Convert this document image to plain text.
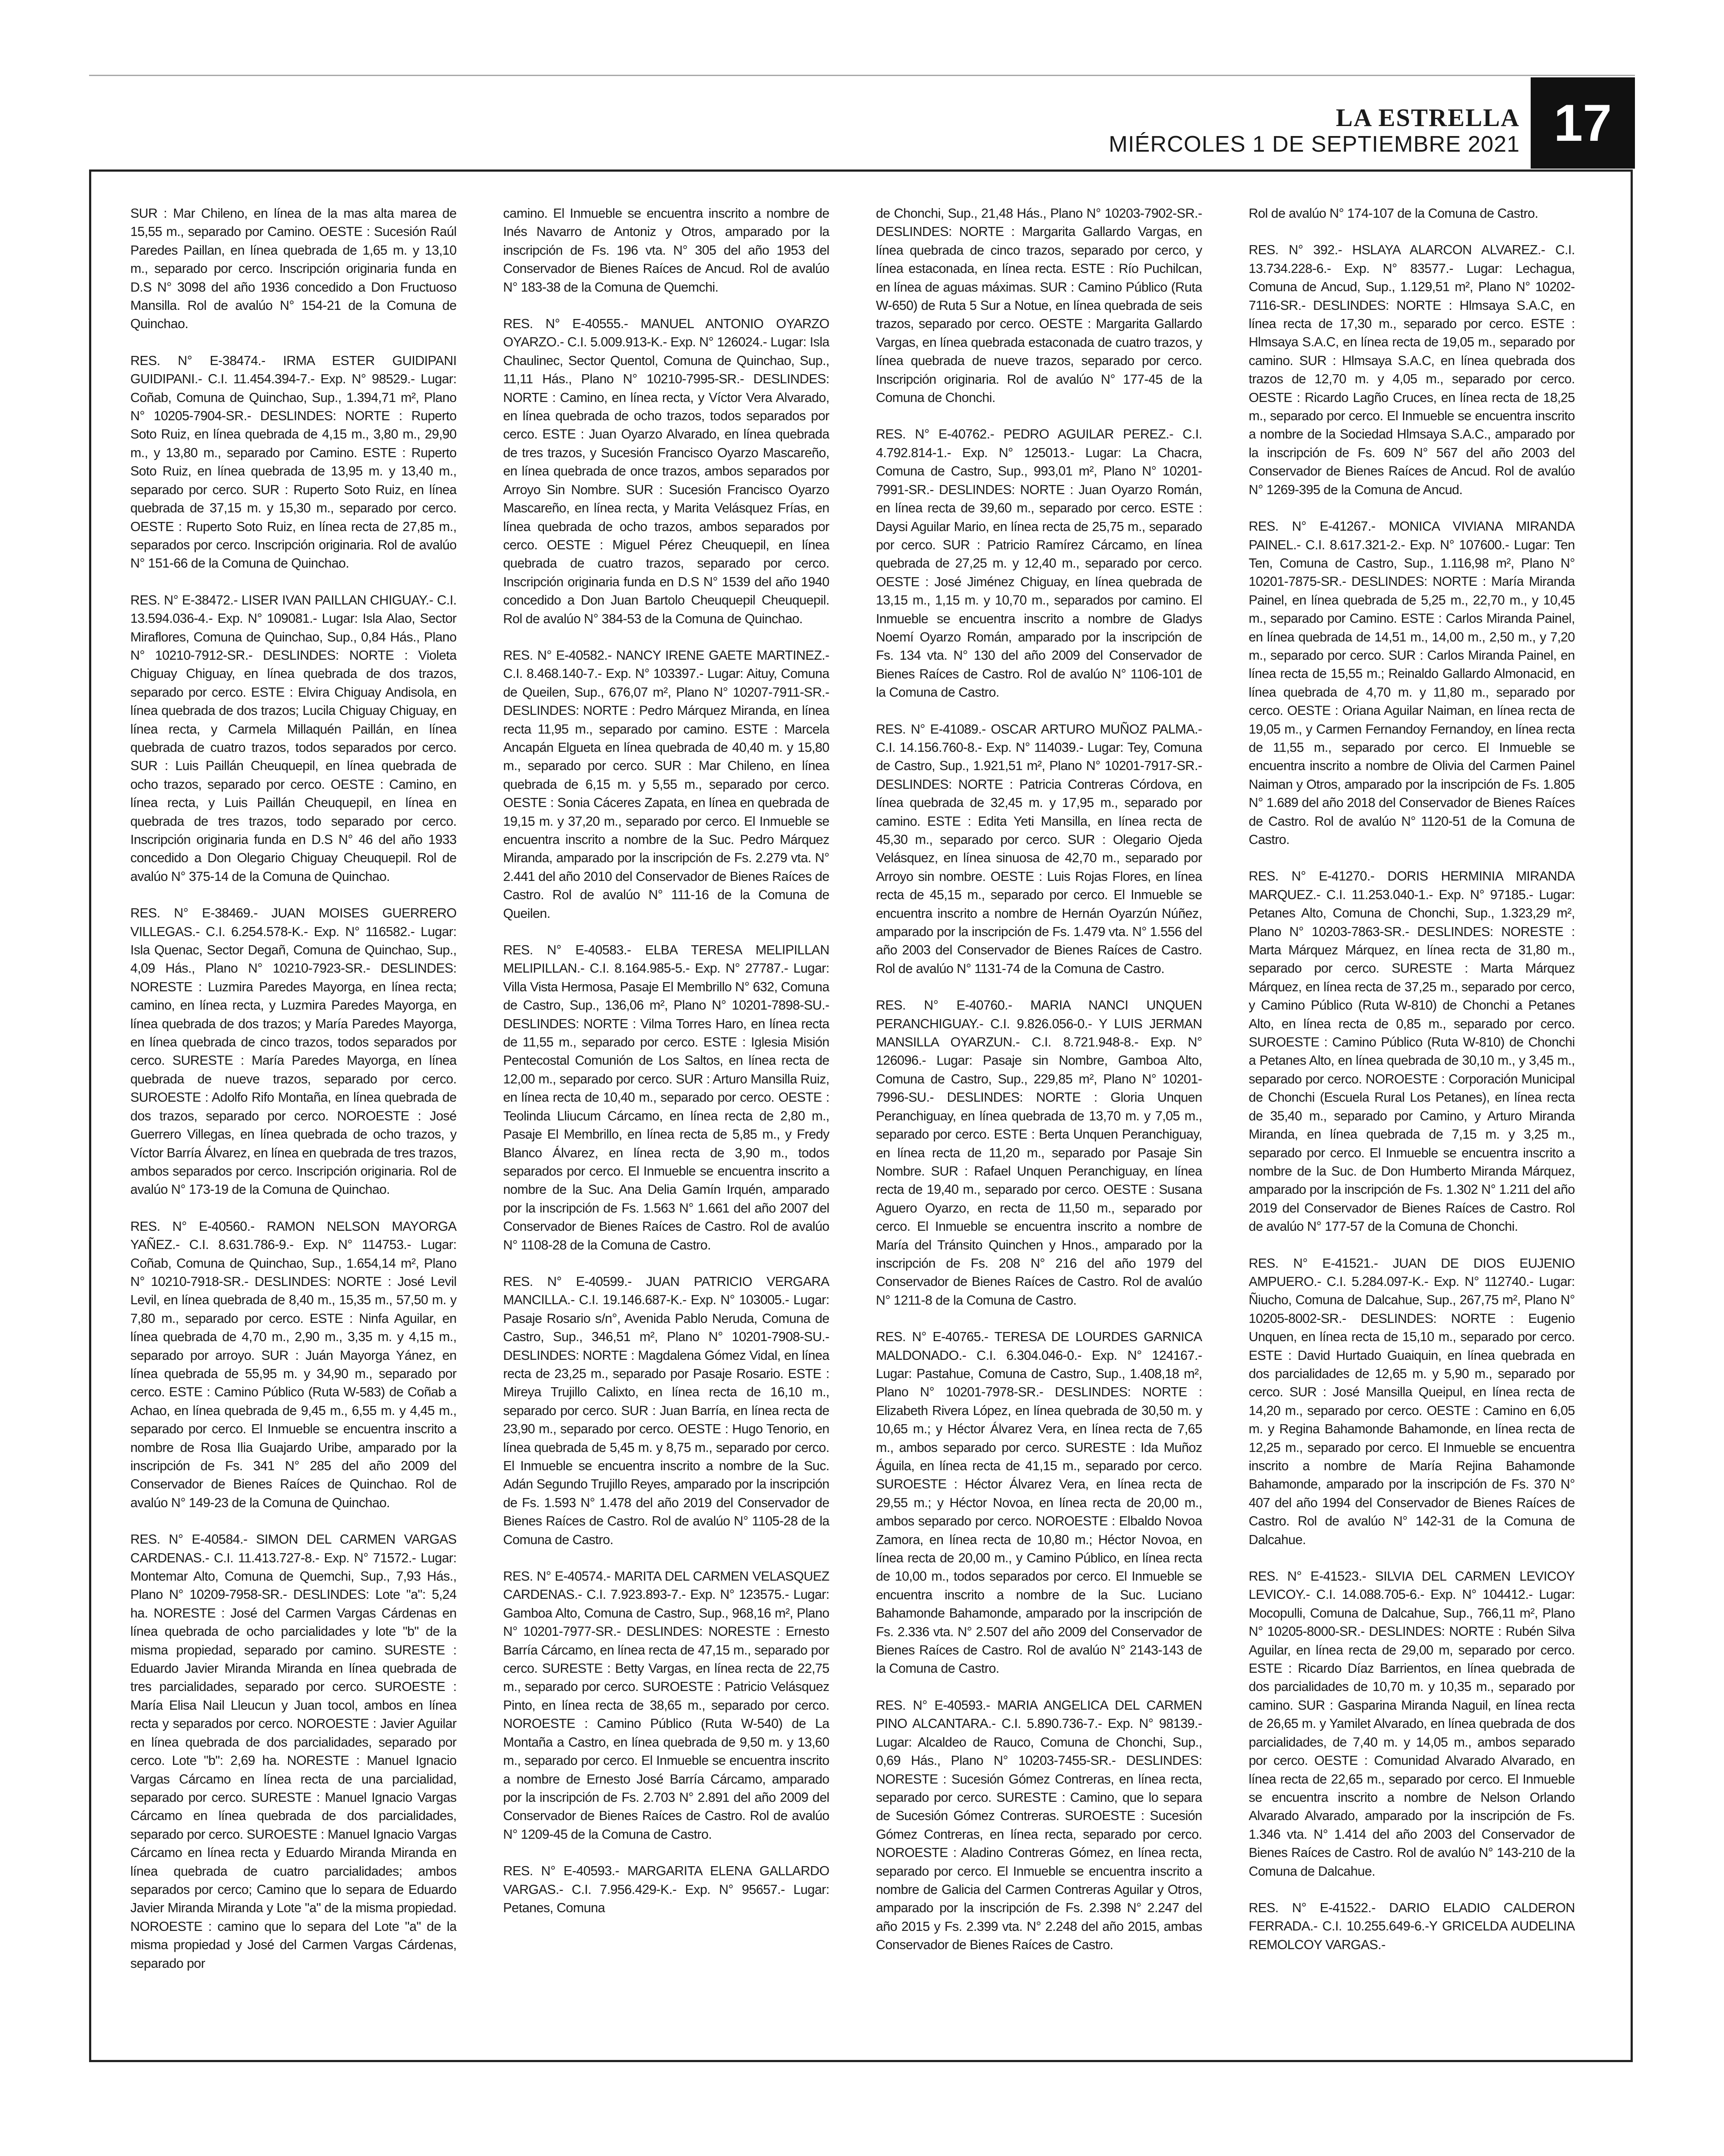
LA ESTRELLA
MIÉRCOLES 1 DE SEPTIEMBRE 2021 17

SUR : Mar Chileno, en línea de la mas alta marea de 15,55 m., separado por Camino. OESTE : Sucesión Raúl Paredes Paillan, en línea quebrada de 1,65 m. y 13,10 m., separado por cerco. Inscripción originaria funda en D.S N° 3098 del año 1936 concedido a Don Fructuoso Mansilla. Rol de avalúo N° 154-21 de la Comuna de Quinchao.

RES. N° E-38474.- IRMA ESTER GUIDIPANI GUIDIPANI.- C.I. 11.454.394-7.- Exp. N° 98529.- Lugar: Coñab, Comuna de Quinchao, Sup., 1.394,71 m², Plano N° 10205-7904-SR.- DESLINDES: NORTE : Ruperto Soto Ruiz, en línea quebrada de 4,15 m., 3,80 m., 29,90 m., y 13,80 m., separado por Camino. ESTE : Ruperto Soto Ruiz, en línea quebrada de 13,95 m. y 13,40 m., separado por cerco. SUR : Ruperto Soto Ruiz, en línea quebrada de 37,15 m. y 15,30 m., separado por cerco. OESTE : Ruperto Soto Ruiz, en línea recta de 27,85 m., separados por cerco. Inscripción originaria. Rol de avalúo N° 151-66 de la Comuna de Quinchao.

RES. N° E-38472.- LISER IVAN PAILLAN CHIGUAY.- C.I. 13.594.036-4.- Exp. N° 109081.- Lugar: Isla Alao, Sector Miraflores, Comuna de Quinchao, Sup., 0,84 Hás., Plano N° 10210-7912-SR.- DESLINDES: NORTE : Violeta Chiguay Chiguay, en línea quebrada de dos trazos, separado por cerco. ESTE : Elvira Chiguay Andisola, en línea quebrada de dos trazos; Lucila Chiguay Chiguay, en línea recta, y Carmela Millaquén Paillán, en línea quebrada de cuatro trazos, todos separados por cerco. SUR : Luis Paillán Cheuquepil, en línea quebrada de ocho trazos, separado por cerco. OESTE : Camino, en línea recta, y Luis Paillán Cheuquepil, en línea en quebrada de tres trazos, todo separado por cerco. Inscripción originaria funda en D.S N° 46 del año 1933 concedido a Don Olegario Chiguay Cheuquepil. Rol de avalúo N° 375-14 de la Comuna de Quinchao.

RES. N° E-38469.- JUAN MOISES GUERRERO VILLEGAS.- C.I. 6.254.578-K.- Exp. N° 116582.- Lugar: Isla Quenac, Sector Degañ, Comuna de Quinchao, Sup., 4,09 Hás., Plano N° 10210-7923-SR.- DESLINDES: NORESTE : Luzmira Paredes Mayorga, en línea recta; camino, en línea recta, y Luzmira Paredes Mayorga, en línea quebrada de dos trazos; y María Paredes Mayorga, en línea quebrada de cinco trazos, todos separados por cerco. SURESTE : María Paredes Mayorga, en línea quebrada de nueve trazos, separado por cerco. SUROESTE : Adolfo Rifo Montaña, en línea quebrada de dos trazos, separado por cerco. NOROESTE : José Guerrero Villegas, en línea quebrada de ocho trazos, y Víctor Barría Álvarez, en línea en quebrada de tres trazos, ambos separados por cerco. Inscripción originaria. Rol de avalúo N° 173-19 de la Comuna de Quinchao.

RES. N° E-40560.- RAMON NELSON MAYORGA YAÑEZ.- C.I. 8.631.786-9.- Exp. N° 114753.- Lugar: Coñab, Comuna de Quinchao, Sup., 1.654,14 m², Plano N° 10210-7918-SR.- DESLINDES: NORTE : José Levil Levil, en línea quebrada de 8,40 m., 15,35 m., 57,50 m. y 7,80 m., separado por cerco. ESTE : Ninfa Aguilar, en línea quebrada de 4,70 m., 2,90 m., 3,35 m. y 4,15 m., separado por arroyo. SUR : Juán Mayorga Yánez, en línea quebrada de 55,95 m. y 34,90 m., separado por cerco. ESTE : Camino Público (Ruta W-583) de Coñab a Achao, en línea quebrada de 9,45 m., 6,55 m. y 4,45 m., separado por cerco. El Inmueble se encuentra inscrito a nombre de Rosa Ilia Guajardo Uribe, amparado por la inscripción de Fs. 341 N° 285 del año 2009 del Conservador de Bienes Raíces de Quinchao. Rol de avalúo N° 149-23 de la Comuna de Quinchao.

RES. N° E-40584.- SIMON DEL CARMEN VARGAS CARDENAS.- C.I. 11.413.727-8.- Exp. N° 71572.- Lugar: Montemar Alto, Comuna de Quemchi, Sup., 7,93 Hás., Plano N° 10209-7958-SR.- DESLINDES: Lote "a": 5,24 ha. NORESTE : José del Carmen Vargas Cárdenas en línea quebrada de ocho parcialidades y lote "b" de la misma propiedad, separado por camino. SURESTE : Eduardo Javier Miranda Miranda en línea quebrada de tres parcialidades, separado por cerco. SUROESTE : María Elisa Nail Lleucun y Juan tocol, ambos en línea recta y separados por cerco. NOROESTE : Javier Aguilar en línea quebrada de dos parcialidades, separado por cerco. Lote "b": 2,69 ha. NORESTE : Manuel Ignacio Vargas Cárcamo en línea recta de una parcialidad, separado por cerco. SURESTE : Manuel Ignacio Vargas Cárcamo en línea quebrada de dos parcialidades, separado por cerco. SUROESTE : Manuel Ignacio Vargas Cárcamo en línea recta y Eduardo Miranda Miranda en línea quebrada de cuatro parcialidades; ambos separados por cerco; Camino que lo separa de Eduardo Javier Miranda Miranda y Lote "a" de la misma propiedad. NOROESTE : camino que lo separa del Lote "a" de la misma propiedad y José del Carmen Vargas Cárdenas, separado por

camino. El Inmueble se encuentra inscrito a nombre de Inés Navarro de Antoniz y Otros, amparado por la inscripción de Fs. 196 vta. N° 305 del año 1953 del Conservador de Bienes Raíces de Ancud. Rol de avalúo N° 183-38 de la Comuna de Quemchi.

RES. N° E-40555.- MANUEL ANTONIO OYARZO OYARZO.- C.I. 5.009.913-K.- Exp. N° 126024.- Lugar: Isla Chaulinec, Sector Quentol, Comuna de Quinchao, Sup., 11,11 Hás., Plano N° 10210-7995-SR.- DESLINDES: NORTE : Camino, en línea recta, y Víctor Vera Alvarado, en línea quebrada de ocho trazos, todos separados por cerco. ESTE : Juan Oyarzo Alvarado, en línea quebrada de tres trazos, y Sucesión Francisco Oyarzo Mascareño, en línea quebrada de once trazos, ambos separados por Arroyo Sin Nombre. SUR : Sucesión Francisco Oyarzo Mascareño, en línea recta, y Marita Velásquez Frías, en línea quebrada de ocho trazos, ambos separados por cerco. OESTE : Miguel Pérez Cheuquepil, en línea quebrada de cuatro trazos, separado por cerco. Inscripción originaria funda en D.S N° 1539 del año 1940 concedido a Don Juan Bartolo Cheuquepil Cheuquepil. Rol de avalúo N° 384-53 de la Comuna de Quinchao.

RES. N° E-40582.- NANCY IRENE GAETE MARTINEZ.- C.I. 8.468.140-7.- Exp. N° 103397.- Lugar: Aituy, Comuna de Queilen, Sup., 676,07 m², Plano N° 10207-7911-SR.- DESLINDES: NORTE : Pedro Márquez Miranda, en línea recta 11,95 m., separado por camino. ESTE : Marcela Ancapán Elgueta en línea quebrada de 40,40 m. y 15,80 m., separado por cerco. SUR : Mar Chileno, en línea quebrada de 6,15 m. y 5,55 m., separado por cerco. OESTE : Sonia Cáceres Zapata, en línea en quebrada de 19,15 m. y 37,20 m., separado por cerco. El Inmueble se encuentra inscrito a nombre de la Suc. Pedro Márquez Miranda, amparado por la inscripción de Fs. 2.279 vta. N° 2.441 del año 2010 del Conservador de Bienes Raíces de Castro. Rol de avalúo N° 111-16 de la Comuna de Queilen.

RES. N° E-40583.- ELBA TERESA MELIPILLAN MELIPILLAN.- C.I. 8.164.985-5.- Exp. N° 27787.- Lugar: Villa Vista Hermosa, Pasaje El Membrillo N° 632, Comuna de Castro, Sup., 136,06 m², Plano N° 10201-7898-SU.- DESLINDES: NORTE : Vilma Torres Haro, en línea recta de 11,55 m., separado por cerco. ESTE : Iglesia Misión Pentecostal Comunión de Los Saltos, en línea recta de 12,00 m., separado por cerco. SUR : Arturo Mansilla Ruiz, en línea recta de 10,40 m., separado por cerco. OESTE : Teolinda Lliucum Cárcamo, en línea recta de 2,80 m., Pasaje El Membrillo, en línea recta de 5,85 m., y Fredy Blanco Álvarez, en línea recta de 3,90 m., todos separados por cerco. El Inmueble se encuentra inscrito a nombre de la Suc. Ana Delia Gamín Irquén, amparado por la inscripción de Fs. 1.563 N° 1.661 del año 2007 del Conservador de Bienes Raíces de Castro. Rol de avalúo N° 1108-28 de la Comuna de Castro.

RES. N° E-40599.- JUAN PATRICIO VERGARA MANCILLA.- C.I. 19.146.687-K.- Exp. N° 103005.- Lugar: Pasaje Rosario s/n°, Avenida Pablo Neruda, Comuna de Castro, Sup., 346,51 m², Plano N° 10201-7908-SU.- DESLINDES: NORTE : Magdalena Gómez Vidal, en línea recta de 23,25 m., separado por Pasaje Rosario. ESTE : Mireya Trujillo Calixto, en línea recta de 16,10 m., separado por cerco. SUR : Juan Barría, en línea recta de 23,90 m., separado por cerco. OESTE : Hugo Tenorio, en línea quebrada de 5,45 m. y 8,75 m., separado por cerco. El Inmueble se encuentra inscrito a nombre de la Suc. Adán Segundo Trujillo Reyes, amparado por la inscripción de Fs. 1.593 N° 1.478 del año 2019 del Conservador de Bienes Raíces de Castro. Rol de avalúo N° 1105-28 de la Comuna de Castro.

RES. N° E-40574.- MARITA DEL CARMEN VELASQUEZ CARDENAS.- C.I. 7.923.893-7.- Exp. N° 123575.- Lugar: Gamboa Alto, Comuna de Castro, Sup., 968,16 m², Plano N° 10201-7977-SR.- DESLINDES: NORESTE : Ernesto Barría Cárcamo, en línea recta de 47,15 m., separado por cerco. SURESTE : Betty Vargas, en línea recta de 22,75 m., separado por cerco. SUROESTE : Patricio Velásquez Pinto, en línea recta de 38,65 m., separado por cerco. NOROESTE : Camino Público (Ruta W-540) de La Montaña a Castro, en línea quebrada de 9,50 m. y 13,60 m., separado por cerco. El Inmueble se encuentra inscrito a nombre de Ernesto José Barría Cárcamo, amparado por la inscripción de Fs. 2.703 N° 2.891 del año 2009 del Conservador de Bienes Raíces de Castro. Rol de avalúo N° 1209-45 de la Comuna de Castro.

RES. N° E-40593.- MARGARITA ELENA GALLARDO VARGAS.- C.I. 7.956.429-K.- Exp. N° 95657.- Lugar: Petanes, Comuna

de Chonchi, Sup., 21,48 Hás., Plano N° 10203-7902-SR.- DESLINDES: NORTE : Margarita Gallardo Vargas, en línea quebrada de cinco trazos, separado por cerco, y línea estaconada, en línea recta. ESTE : Río Puchilcan, en línea de aguas máximas. SUR : Camino Público (Ruta W-650) de Ruta 5 Sur a Notue, en línea quebrada de seis trazos, separado por cerco. OESTE : Margarita Gallardo Vargas, en línea quebrada estaconada de cuatro trazos, y línea quebrada de nueve trazos, separado por cerco. Inscripción originaria. Rol de avalúo N° 177-45 de la Comuna de Chonchi.

RES. N° E-40762.- PEDRO AGUILAR PEREZ.- C.I. 4.792.814-1.- Exp. N° 125013.- Lugar: La Chacra, Comuna de Castro, Sup., 993,01 m², Plano N° 10201-7991-SR.- DESLINDES: NORTE : Juan Oyarzo Román, en línea recta de 39,60 m., separado por cerco. ESTE : Daysi Aguilar Mario, en línea recta de 25,75 m., separado por cerco. SUR : Patricio Ramírez Cárcamo, en línea quebrada de 27,25 m. y 12,40 m., separado por cerco. OESTE : José Jiménez Chiguay, en línea quebrada de 13,15 m., 1,15 m. y 10,70 m., separados por camino. El Inmueble se encuentra inscrito a nombre de Gladys Noemí Oyarzo Román, amparado por la inscripción de Fs. 134 vta. N° 130 del año 2009 del Conservador de Bienes Raíces de Castro. Rol de avalúo N° 1106-101 de la Comuna de Castro.

RES. N° E-41089.- OSCAR ARTURO MUÑOZ PALMA.- C.I. 14.156.760-8.- Exp. N° 114039.- Lugar: Tey, Comuna de Castro, Sup., 1.921,51 m², Plano N° 10201-7917-SR.- DESLINDES: NORTE : Patricia Contreras Córdova, en línea quebrada de 32,45 m. y 17,95 m., separado por camino. ESTE : Edita Yeti Mansilla, en línea recta de 45,30 m., separado por cerco. SUR : Olegario Ojeda Velásquez, en línea sinuosa de 42,70 m., separado por Arroyo sin nombre. OESTE : Luis Rojas Flores, en línea recta de 45,15 m., separado por cerco. El Inmueble se encuentra inscrito a nombre de Hernán Oyarzún Núñez, amparado por la inscripción de Fs. 1.479 vta. N° 1.556 del año 2003 del Conservador de Bienes Raíces de Castro. Rol de avalúo N° 1131-74 de la Comuna de Castro.

RES. N° E-40760.- MARIA NANCI UNQUEN PERANCHIGUAY.- C.I. 9.826.056-0.- Y LUIS JERMAN MANSILLA OYARZUN.- C.I. 8.721.948-8.- Exp. N° 126096.- Lugar: Pasaje sin Nombre, Gamboa Alto, Comuna de Castro, Sup., 229,85 m², Plano N° 10201-7996-SU.- DESLINDES: NORTE : Gloria Unquen Peranchiguay, en línea quebrada de 13,70 m. y 7,05 m., separado por cerco. ESTE : Berta Unquen Peranchiguay, en línea recta de 11,20 m., separado por Pasaje Sin Nombre. SUR : Rafael Unquen Peranchiguay, en línea recta de 19,40 m., separado por cerco. OESTE : Susana Aguero Oyarzo, en recta de 11,50 m., separado por cerco. El Inmueble se encuentra inscrito a nombre de María del Tránsito Quinchen y Hnos., amparado por la inscripción de Fs. 208 N° 216 del año 1979 del Conservador de Bienes Raíces de Castro. Rol de avalúo N° 1211-8 de la Comuna de Castro.

RES. N° E-40765.- TERESA DE LOURDES GARNICA MALDONADO.- C.I. 6.304.046-0.- Exp. N° 124167.- Lugar: Pastahue, Comuna de Castro, Sup., 1.408,18 m², Plano N° 10201-7978-SR.- DESLINDES: NORTE : Elizabeth Rivera López, en línea quebrada de 30,50 m. y 10,65 m.; y Héctor Álvarez Vera, en línea recta de 7,65 m., ambos separado por cerco. SURESTE : Ida Muñoz Águila, en línea recta de 41,15 m., separado por cerco. SUROESTE : Héctor Álvarez Vera, en línea recta de 29,55 m.; y Héctor Novoa, en línea recta de 20,00 m., ambos separado por cerco. NOROESTE : Elbaldo Novoa Zamora, en línea recta de 10,80 m.; Héctor Novoa, en línea recta de 20,00 m., y Camino Público, en línea recta de 10,00 m., todos separados por cerco. El Inmueble se encuentra inscrito a nombre de la Suc. Luciano Bahamonde Bahamonde, amparado por la inscripción de Fs. 2.336 vta. N° 2.507 del año 2009 del Conservador de Bienes Raíces de Castro. Rol de avalúo N° 2143-143 de la Comuna de Castro.

RES. N° E-40593.- MARIA ANGELICA DEL CARMEN PINO ALCANTARA.- C.I. 5.890.736-7.- Exp. N° 98139.- Lugar: Alcaldeo de Rauco, Comuna de Chonchi, Sup., 0,69 Hás., Plano N° 10203-7455-SR.- DESLINDES: NORESTE : Sucesión Gómez Contreras, en línea recta, separado por cerco. SURESTE : Camino, que lo separa de Sucesión Gómez Contreras. SUROESTE : Sucesión Gómez Contreras, en línea recta, separado por cerco. NOROESTE : Aladino Contreras Gómez, en línea recta, separado por cerco. El Inmueble se encuentra inscrito a nombre de Galicia del Carmen Contreras Aguilar y Otros, amparado por la inscripción de Fs. 2.398 N° 2.247 del año 2015 y Fs. 2.399 vta. N° 2.248 del año 2015, ambas Conservador de Bienes Raíces de Castro.

Rol de avalúo N° 174-107 de la Comuna de Castro.

RES. N° 392.- HSLAYA ALARCON ALVAREZ.- C.I. 13.734.228-6.- Exp. N° 83577.- Lugar: Lechagua, Comuna de Ancud, Sup., 1.129,51 m², Plano N° 10202-7116-SR.- DESLINDES: NORTE : Hlmsaya S.A.C, en línea recta de 17,30 m., separado por cerco. ESTE : Hlmsaya S.A.C, en línea recta de 19,05 m., separado por camino. SUR : Hlmsaya S.A.C, en línea quebrada dos trazos de 12,70 m. y 4,05 m., separado por cerco. OESTE : Ricardo Lagño Cruces, en línea recta de 18,25 m., separado por cerco. El Inmueble se encuentra inscrito a nombre de la Sociedad Hlmsaya S.A.C., amparado por la inscripción de Fs. 609 N° 567 del año 2003 del Conservador de Bienes Raíces de Ancud. Rol de avalúo N° 1269-395 de la Comuna de Ancud.

RES. N° E-41267.- MONICA VIVIANA MIRANDA PAINEL.- C.I. 8.617.321-2.- Exp. N° 107600.- Lugar: Ten Ten, Comuna de Castro, Sup., 1.116,98 m², Plano N° 10201-7875-SR.- DESLINDES: NORTE : María Miranda Painel, en línea quebrada de 5,25 m., 22,70 m., y 10,45 m., separado por Camino. ESTE : Carlos Miranda Painel, en línea quebrada de 14,51 m., 14,00 m., 2,50 m., y 7,20 m., separado por cerco. SUR : Carlos Miranda Painel, en línea recta de 15,55 m.; Reinaldo Gallardo Almonacid, en línea quebrada de 4,70 m. y 11,80 m., separado por cerco. OESTE : Oriana Aguilar Naiman, en línea recta de 19,05 m., y Carmen Fernandoy Fernandoy, en línea recta de 11,55 m., separado por cerco. El Inmueble se encuentra inscrito a nombre de Olivia del Carmen Painel Naiman y Otros, amparado por la inscripción de Fs. 1.805 N° 1.689 del año 2018 del Conservador de Bienes Raíces de Castro. Rol de avalúo N° 1120-51 de la Comuna de Castro.

RES. N° E-41270.- DORIS HERMINIA MIRANDA MARQUEZ.- C.I. 11.253.040-1.- Exp. N° 97185.- Lugar: Petanes Alto, Comuna de Chonchi, Sup., 1.323,29 m², Plano N° 10203-7863-SR.- DESLINDES: NORESTE : Marta Márquez Márquez, en línea recta de 31,80 m., separado por cerco. SURESTE : Marta Márquez Márquez, en línea recta de 37,25 m., separado por cerco, y Camino Público (Ruta W-810) de Chonchi a Petanes Alto, en línea recta de 0,85 m., separado por cerco. SUROESTE : Camino Público (Ruta W-810) de Chonchi a Petanes Alto, en línea quebrada de 30,10 m., y 3,45 m., separado por cerco. NOROESTE : Corporación Municipal de Chonchi (Escuela Rural Los Petanes), en línea recta de 35,40 m., separado por Camino, y Arturo Miranda Miranda, en línea quebrada de 7,15 m. y 3,25 m., separado por cerco. El Inmueble se encuentra inscrito a nombre de la Suc. de Don Humberto Miranda Márquez, amparado por la inscripción de Fs. 1.302 N° 1.211 del año 2019 del Conservador de Bienes Raíces de Castro. Rol de avalúo N° 177-57 de la Comuna de Chonchi.

RES. N° E-41521.- JUAN DE DIOS EUJENIO AMPUERO.- C.I. 5.284.097-K.- Exp. N° 112740.- Lugar: Ñiucho, Comuna de Dalcahue, Sup., 267,75 m², Plano N° 10205-8002-SR.- DESLINDES: NORTE : Eugenio Unquen, en línea recta de 15,10 m., separado por cerco. ESTE : David Hurtado Guaiquin, en línea quebrada en dos parcialidades de 12,65 m. y 5,90 m., separado por cerco. SUR : José Mansilla Queipul, en línea recta de 14,20 m., separado por cerco. OESTE : Camino en 6,05 m. y Regina Bahamonde Bahamonde, en línea recta de 12,25 m., separado por cerco. El Inmueble se encuentra inscrito a nombre de María Rejina Bahamonde Bahamonde, amparado por la inscripción de Fs. 370 N° 407 del año 1994 del Conservador de Bienes Raíces de Castro. Rol de avalúo N° 142-31 de la Comuna de Dalcahue.

RES. N° E-41523.- SILVIA DEL CARMEN LEVICOY LEVICOY.- C.I. 14.088.705-6.- Exp. N° 104412.- Lugar: Mocopulli, Comuna de Dalcahue, Sup., 766,11 m², Plano N° 10205-8000-SR.- DESLINDES: NORTE : Rubén Silva Aguilar, en línea recta de 29,00 m, separado por cerco. ESTE : Ricardo Díaz Barrientos, en línea quebrada de dos parcialidades de 10,70 m. y 10,35 m., separado por camino. SUR : Gasparina Miranda Naguil, en línea recta de 26,65 m. y Yamilet Alvarado, en línea quebrada de dos parcialidades, de 7,40 m. y 14,05 m., ambos separado por cerco. OESTE : Comunidad Alvarado Alvarado, en línea recta de 22,65 m., separado por cerco. El Inmueble se encuentra inscrito a nombre de Nelson Orlando Alvarado Alvarado, amparado por la inscripción de Fs. 1.346 vta. N° 1.414 del año 2003 del Conservador de Bienes Raíces de Castro. Rol de avalúo N° 143-210 de la Comuna de Dalcahue.

RES. N° E-41522.- DARIO ELADIO CALDERON FERRADA.- C.I. 10.255.649-6.-Y GRICELDA AUDELINA REMOLCOY VARGAS.-
